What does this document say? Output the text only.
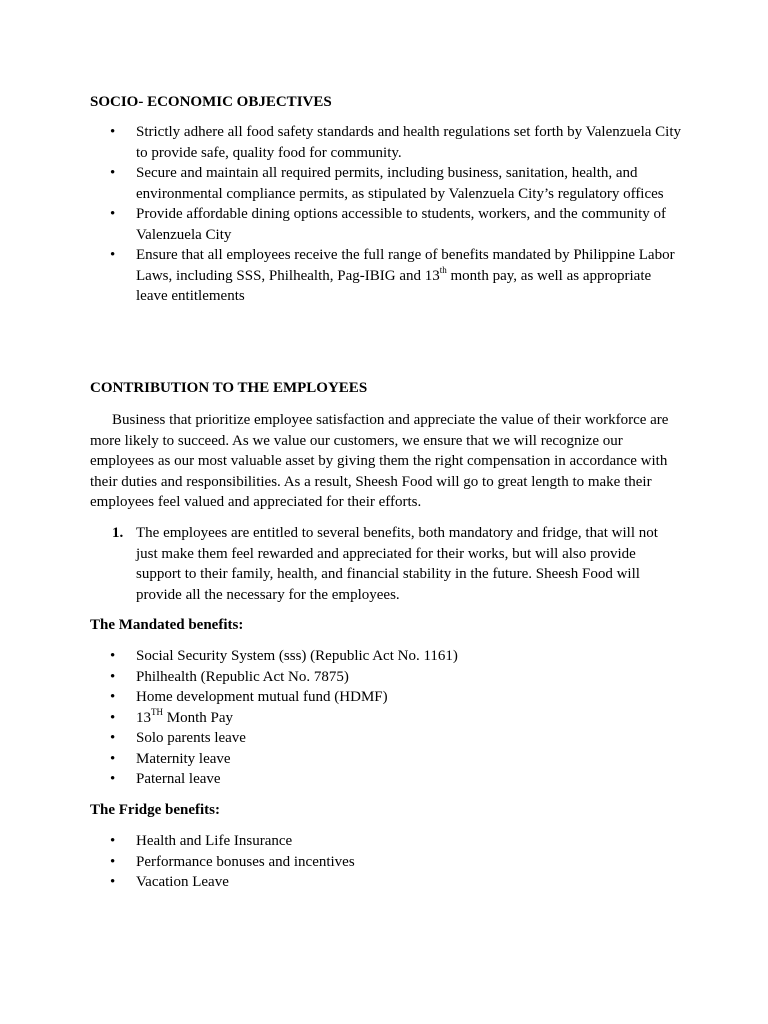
SOCIO- ECONOMIC OBJECTIVES
• Strictly adhere all food safety standards and health regulations set forth by Valenzuela City to provide safe, quality food for community.
• Secure and maintain all required permits, including business, sanitation, health, and environmental compliance permits, as stipulated by Valenzuela City’s regulatory offices
• Provide affordable dining options accessible to students, workers, and the community of Valenzuela City
• Ensure that all employees receive the full range of benefits mandated by Philippine Labor Laws, including SSS, Philhealth, Pag-IBIG and 13th month pay, as well as appropriate leave entitlements
CONTRIBUTION TO THE EMPLOYEES
Business that prioritize employee satisfaction and appreciate the value of their workforce are more likely to succeed. As we value our customers, we ensure that we will recognize our employees as our most valuable asset by giving them the right compensation in accordance with their duties and responsibilities. As a result, Sheesh Food will go to great length to make their employees feel valued and appreciated for their efforts.
1. The employees are entitled to several benefits, both mandatory and fridge, that will not just make them feel rewarded and appreciated for their works, but will also provide support to their family, health, and financial stability in the future. Sheesh Food will provide all the necessary for the employees.
The Mandated benefits:
• Social Security System (sss) (Republic Act No. 1161)
• Philhealth (Republic Act No. 7875)
• Home development mutual fund (HDMF)
• 13TH Month Pay
• Solo parents leave
• Maternity leave
• Paternal leave
The Fridge benefits:
• Health and Life Insurance
• Performance bonuses and incentives
• Vacation Leave
